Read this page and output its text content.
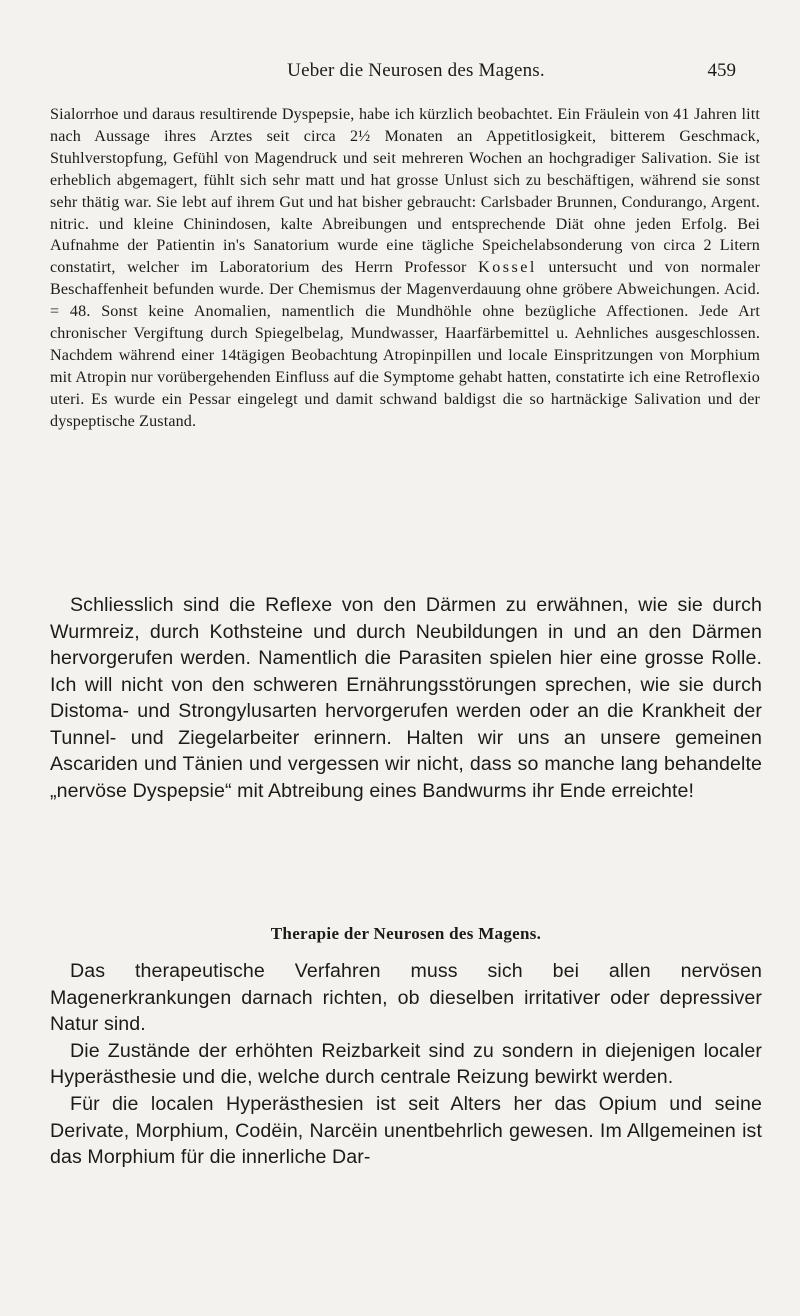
Ueber die Neurosen des Magens.	459

Sialorrhoe und daraus resultirende Dyspepsie, habe ich kürzlich beobachtet. Ein Fräulein von 41 Jahren litt nach Aussage ihres Arztes seit circa 2½ Monaten an Appetitlosigkeit, bitterem Geschmack, Stuhlverstopfung, Gefühl von Magendruck und seit mehreren Wochen an hochgradiger Salivation. Sie ist erheblich abgemagert, fühlt sich sehr matt und hat grosse Unlust sich zu beschäftigen, während sie sonst sehr thätig war. Sie lebt auf ihrem Gut und hat bisher gebraucht: Carlsbader Brunnen, Condurango, Argent. nitric. und kleine Chinindosen, kalte Abreibungen und entsprechende Diät ohne jeden Erfolg. Bei Aufnahme der Patientin in's Sanatorium wurde eine tägliche Speichelabsonderung von circa 2 Litern constatirt, welcher im Laboratorium des Herrn Professor Kossel untersucht und von normaler Beschaffenheit befunden wurde. Der Chemismus der Magenverdauung ohne gröbere Abweichungen. Acid. = 48. Sonst keine Anomalien, namentlich die Mundhöhle ohne bezügliche Affectionen. Jede Art chronischer Vergiftung durch Spiegelbelag, Mundwasser, Haarfärbemittel u. Aehnliches ausgeschlossen. Nachdem während einer 14tägigen Beobachtung Atropinpillen und locale Einspritzungen von Morphium mit Atropin nur vorübergehenden Einfluss auf die Symptome gehabt hatten, constatirte ich eine Retroflexio uteri. Es wurde ein Pessar eingelegt und damit schwand baldigst die so hartnäckige Salivation und der dyspeptische Zustand.

Schliesslich sind die Reflexe von den Därmen zu erwähnen, wie sie durch Wurmreiz, durch Kothsteine und durch Neubildungen in und an den Därmen hervorgerufen werden. Namentlich die Parasiten spielen hier eine grosse Rolle. Ich will nicht von den schweren Ernährungsstörungen sprechen, wie sie durch Distoma- und Strongylusarten hervorgerufen werden oder an die Krankheit der Tunnel- und Ziegelarbeiter erinnern. Halten wir uns an unsere gemeinen Ascariden und Tänien und vergessen wir nicht, dass so manche lang behandelte „nervöse Dyspepsie“ mit Abtreibung eines Bandwurms ihr Ende erreichte!

Therapie der Neurosen des Magens.

Das therapeutische Verfahren muss sich bei allen nervösen Magenerkrankungen darnach richten, ob dieselben irritativer oder depressiver Natur sind.

Die Zustände der erhöhten Reizbarkeit sind zu sondern in diejenigen localer Hyperästhesie und die, welche durch centrale Reizung bewirkt werden.

Für die localen Hyperästhesien ist seit Alters her das Opium und seine Derivate, Morphium, Codëin, Narcëin unentbehrlich gewesen. Im Allgemeinen ist das Morphium für die innerliche Dar-
